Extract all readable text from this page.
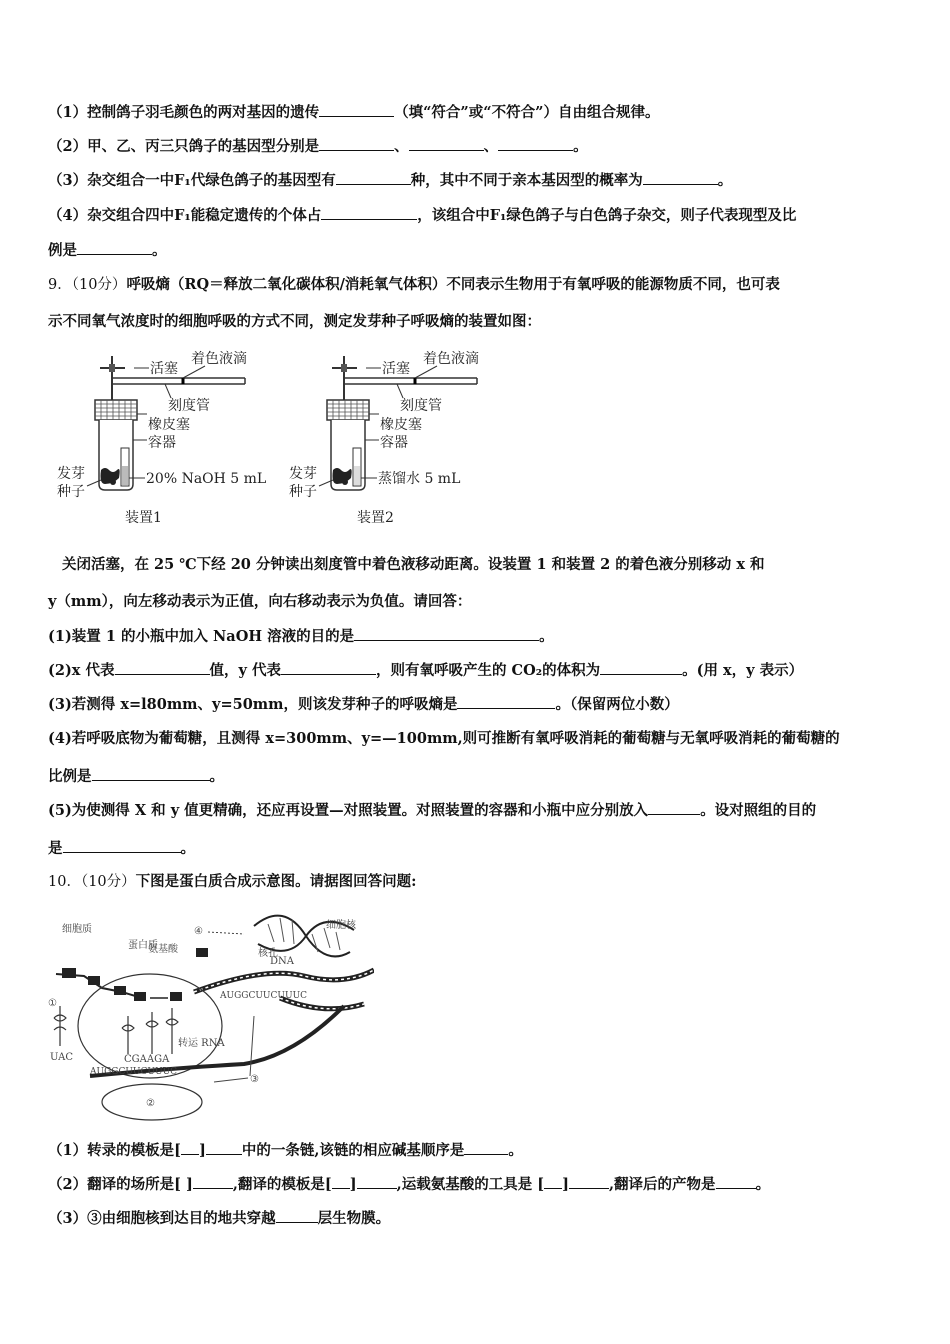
（1）控制鸽子羽毛颜色的两对基因的遗传	（填“符合”或“不符合”）自由组合规律。
（2）甲、乙、丙三只鸽子的基因型分别是	、	、	。
（3）杂交组合一中F₁代绿色鸽子的基因型有	种，其中不同于亲本基因型的概率为	。
（4）杂交组合四中F₁能稳定遗传的个体占	，该组合中F₁绿色鸽子与白色鸽子杂交，则子代表现型及比
例是	。
9．（10分）呼吸熵（RQ＝释放二氧化碳体积/消耗氧气体积）不同表示生物用于有氧呼吸的能源物质不同，也可表
示不同氧气浓度时的细胞呼吸的方式不同，测定发芽种子呼吸熵的装置如图：
活塞
着色液滴
刻度管
橡皮塞
容器
20% NaOH 5 mL
发芽
种子
装置1
活塞
着色液滴
刻度管
橡皮塞
容器
蒸馏水 5 mL
发芽
种子
装置2
关闭活塞，在 25 ℃下经 20 分钟读出刻度管中着色液移动距离。设装置 1 和装置 2 的着色液分别移动 x 和
y（mm），向左移动表示为正值，向右移动表示为负值。请回答：
(1)装置 1 的小瓶中加入 NaOH 溶液的目的是	。
(2)x 代表	值，y 代表	，则有氧呼吸产生的 CO₂的体积为	。(用 x，y 表示）
(3)若测得 x=l80mm、y=50mm，则该发芽种子的呼吸熵是	。（保留两位小数）
(4)若呼吸底物为葡萄糖，且测得 x=300mm、y=—100mm,则可推断有氧呼吸消耗的葡萄糖与无氧呼吸消耗的葡萄糖的
比例是	。
(5)为使测得 X 和 y 值更精确，还应再设置—对照装置。对照装置的容器和小瓶中应分别放入	。设对照组的目的
是	。
10．（10分）下图是蛋白质合成示意图。请据图回答问题:
DNA
细胞核
核孔
④
细胞质
蛋白质
氨基酸
①
UAC	CGAAGA
转运 RNA
AUGGCUUCUUUC
AUGGCUUCUUUC
②
③
（1）转录的模板是[ ] 中的一条链,该链的相应碱基顺序是	。
（2）翻译的场所是[ ]	,翻译的模板是[ ]	,运载氨基酸的工具是 [ ]	,翻译后的产物是	。
（3）③由细胞核到达目的地共穿越	层生物膜。
